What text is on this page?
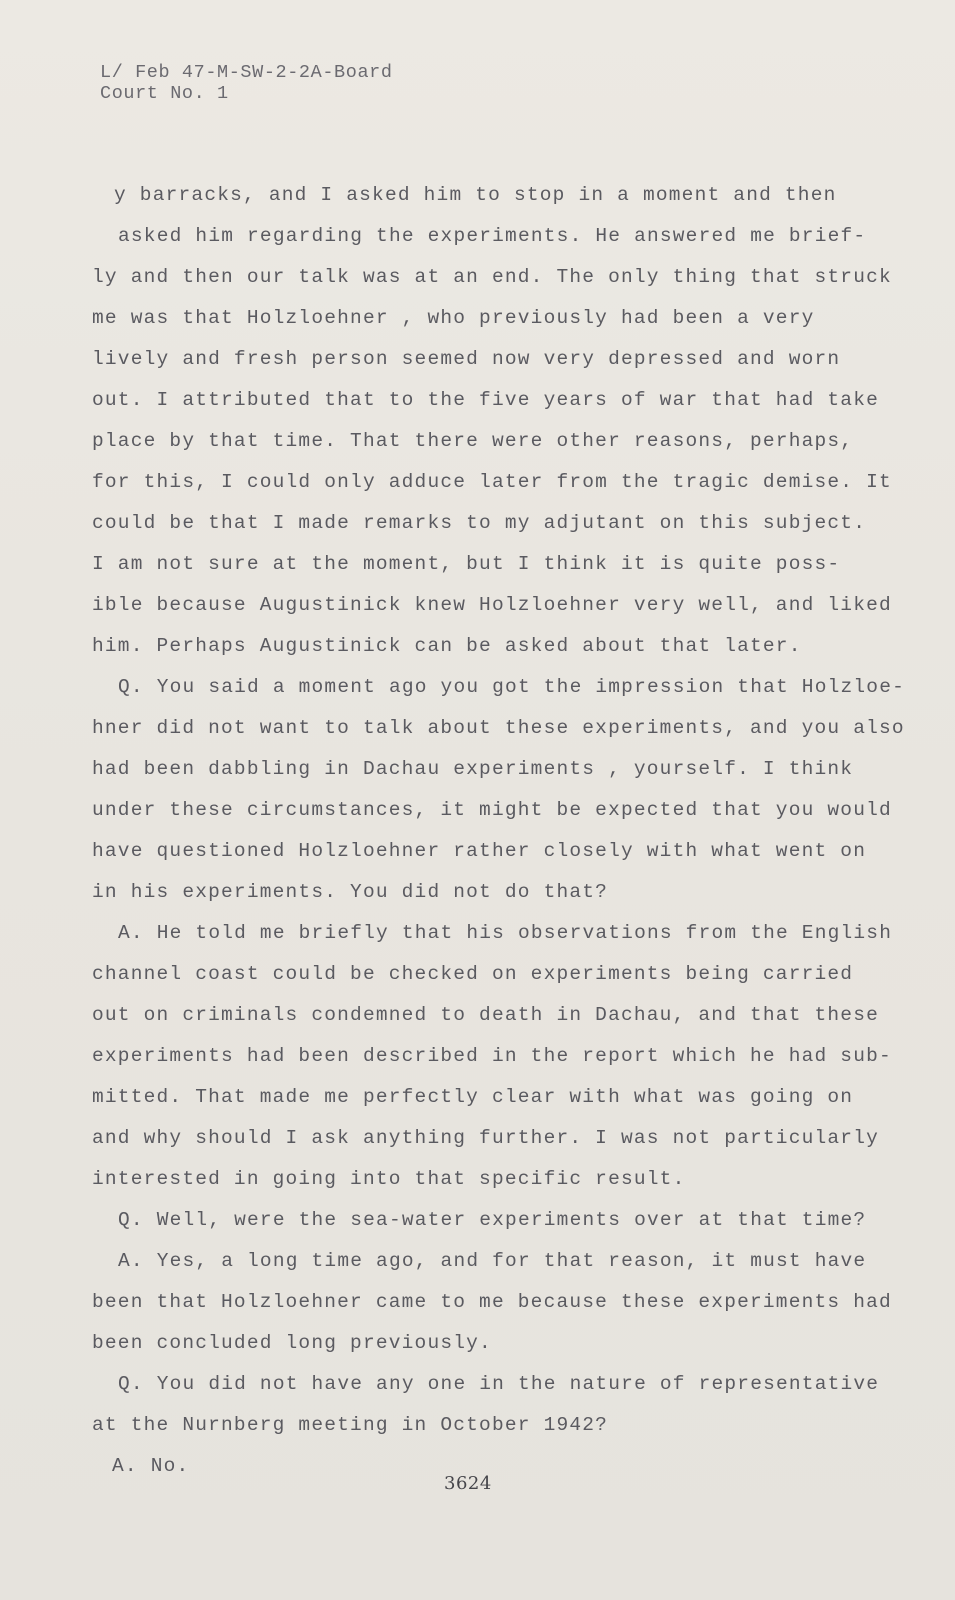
L/ Feb 47-M-SW-2-2A-Board
Court No. 1
y barracks, and I asked him to stop in a moment and then
asked him regarding the experiments. He answered me brief-
ly and then our talk was at an end. The only thing that struck
me was that Holzloehner , who previously had been a very
lively and fresh person seemed now very depressed and worn
out. I attributed that to the five years of war that had take
place by that time. That there were other reasons, perhaps,
for this, I could only adduce later from the tragic demise. It
could be that I made remarks to my adjutant on this subject.
I am not sure at the moment, but I think it is quite poss-
ible because Augustinick knew Holzloehner very well, and liked
him. Perhaps Augustinick can be asked about that later.
Q. You said a moment ago you got the impression that Holzloe-
hner did not want to talk about these experiments, and you also
had been dabbling in Dachau experiments , yourself. I think
under these circumstances, it might be expected that you would
have questioned Holzloehner rather closely with what went on
in his experiments. You did not do that?
A. He told me briefly that his observations from the English
channel coast could be checked on experiments being carried
out on criminals condemned to death in Dachau, and that these
experiments had been described in the report which he had sub-
mitted. That made me perfectly clear with what was going on
and why should I ask anything further. I was not particularly
interested in going into that specific result.
Q. Well, were the sea-water experiments over at that time?
A. Yes, a long time ago, and for that reason, it must have
been that Holzloehner came to me because these experiments had
been concluded long previously.
Q. You did not have any one in the nature of representative
at the Nurnberg meeting in October 1942?
A. No.
3624
